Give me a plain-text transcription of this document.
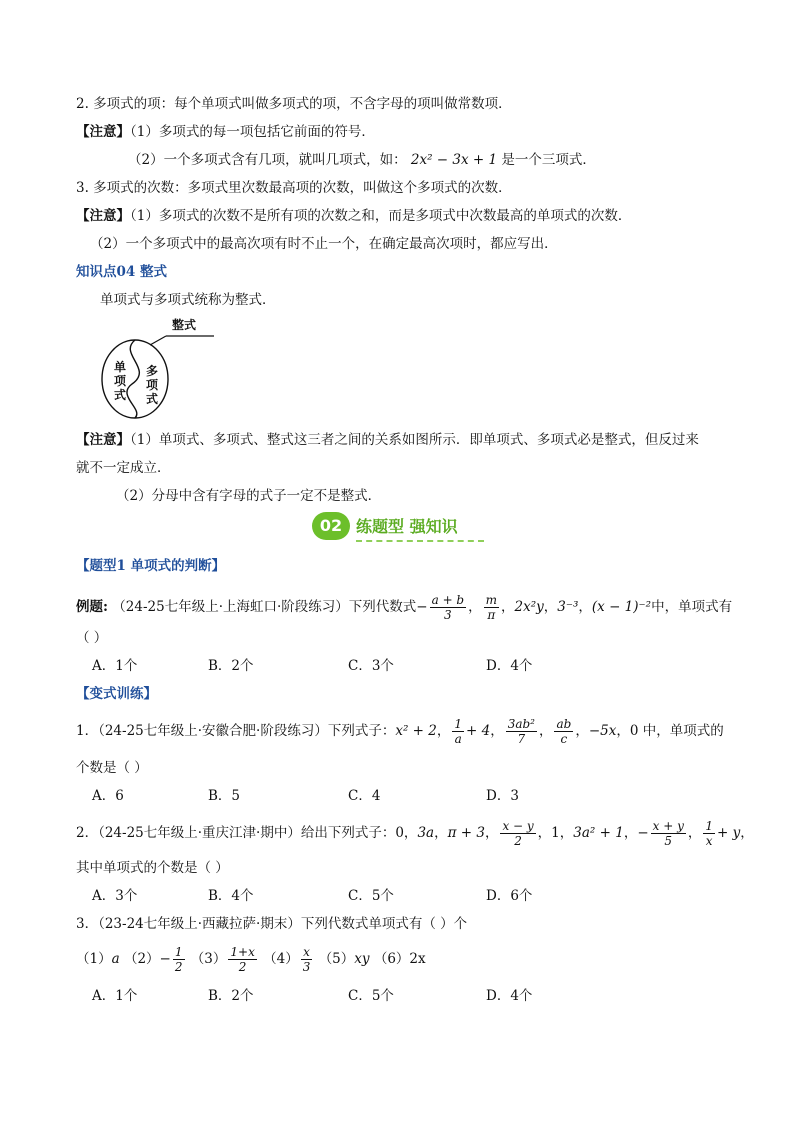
2. 多项式的项：每个单项式叫做多项式的项，不含字母的项叫做常数项．
【注意】（1）多项式的每一项包括它前面的符号．
（2）一个多项式含有几项，就叫几项式，如： 2x² − 3x + 1 是一个三项式．
3. 多项式的次数：多项式里次数最高项的次数，叫做这个多项式的次数．
【注意】（1）多项式的次数不是所有项的次数之和，而是多项式中次数最高的单项式的次数．
（2）一个多项式中的最高次项有时不止一个，在确定最高次项时，都应写出．
知识点04 整式
单项式与多项式统称为整式．
整式
单
项
式
多
项
式
【注意】（1）单项式、多项式、整式这三者之间的关系如图所示．即单项式、多项式必是整式，但反过来
就不一定成立．
（2）分母中含有字母的式子一定不是整式．
02 练题型 强知识
【题型1 单项式的判断】
例题: （24-25七年级上·上海虹口·阶段练习）下列代数式− $\frac{a + b}{3}$ ， $\frac{m}{\pi}$ ，2x²y，3⁻³，(x − 1)⁻²中，单项式有
（ ）
A．1个	B．2个	C．3个	D．4个
【变式训练】
1．（24-25七年级上·安徽合肥·阶段练习）下列式子：x² + 2， $\frac{1}{a} + 4$， $\frac{\text{3ab²}}{7}$ ， $\frac{ab}{c}$ ，−5x，0 中，单项式的
个数是（ ）
A．6	B．5	C．4	D．3
2．（24-25七年级上·重庆江津·期中）给出下列式子：0，3a，π + 3， $\frac{x - y}{2}$ ，1，3a² + 1，− $\frac{x + y}{5}$ ， $\frac{1}{x} + y$，
其中单项式的个数是（ ）
A．3个	B．4个	C．5个	D．6个
3．（23-24七年级上·西藏拉萨·期末）下列代数式单项式有（ ）个
（1）a $(2)- \frac{1}{2} (3) \frac{1+x}{2} (4) \frac{x}{3} (5)xy$ （6）2x
A．1个	B．2个	C．5个	D．4个
